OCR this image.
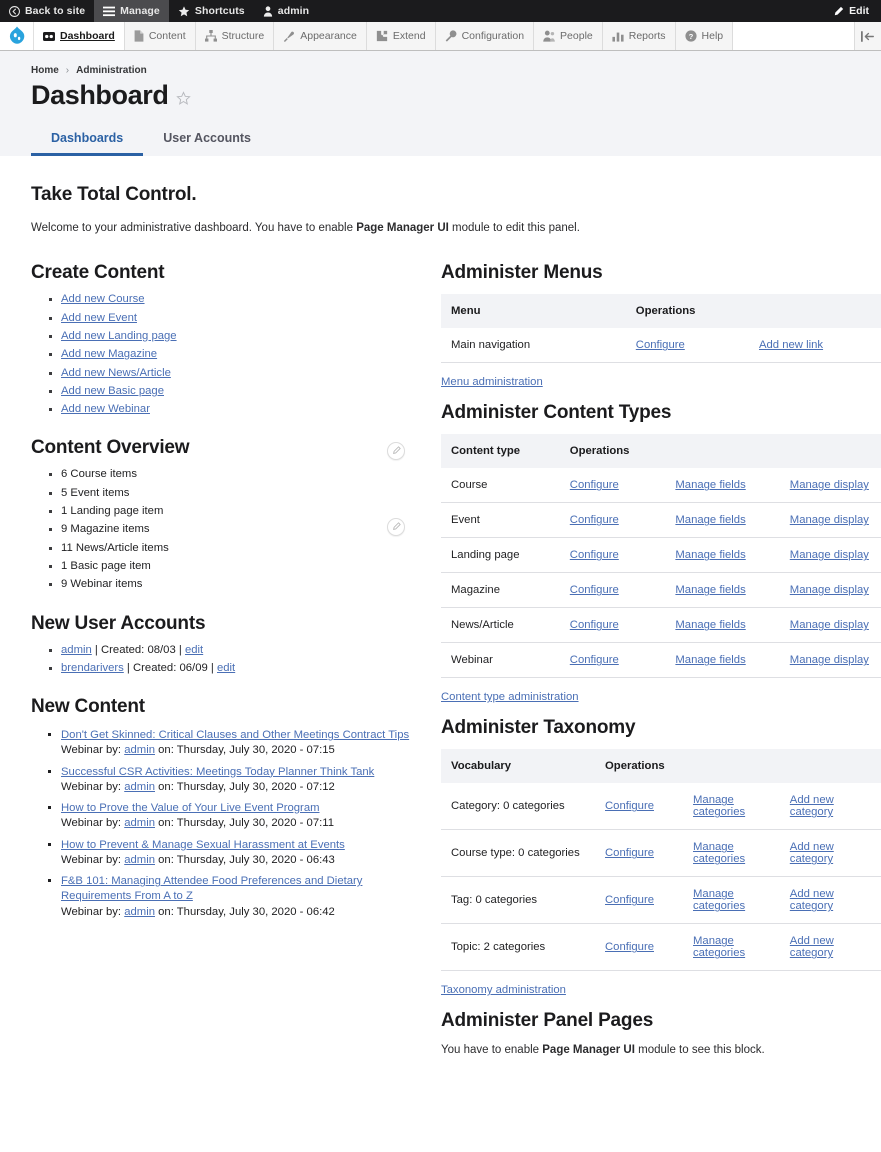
Back to site	Manage	Shortcuts	admin	Edit
Dashboard	Content	Structure	Appearance	Extend	Configuration	People	Reports	? Help
Home › Administration
Dashboard
Dashboards	User Accounts
Take Total Control.

Welcome to your administrative dashboard. You have to enable Page Manager UI module to edit this panel.

Create Content
▪ Add new Course
▪ Add new Event
▪ Add new Landing page
▪ Add new Magazine
▪ Add new News/Article
▪ Add new Basic page
▪ Add new Webinar
Content Overview
▪ 6 Course items
▪ 5 Event items
▪ 1 Landing page item
▪ 9 Magazine items
▪ 11 News/Article items
▪ 1 Basic page item
▪ 9 Webinar items
New User Accounts
▪ admin | Created: 08/03 | edit
▪ brendarivers | Created: 06/09 | edit
New Content
▪ Don't Get Skinned: Critical Clauses and Other Meetings Contract Tips
Webinar by: admin on: Thursday, July 30, 2020 - 07:15
▪ Successful CSR Activities: Meetings Today Planner Think Tank
Webinar by: admin on: Thursday, July 30, 2020 - 07:12
▪ How to Prove the Value of Your Live Event Program
Webinar by: admin on: Thursday, July 30, 2020 - 07:11
▪ How to Prevent & Manage Sexual Harassment at Events
Webinar by: admin on: Thursday, July 30, 2020 - 06:43
▪ F&B 101: Managing Attendee Food Preferences and Dietary Requirements From A to Z
Webinar by: admin on: Thursday, July 30, 2020 - 06:42
Administer Menus
Menu	Operations	
Main navigation	Configure	Add new link
Menu administration
Administer Content Types
Content type	Operations		
Course	Configure	Manage fields	Manage display
Event	Configure	Manage fields	Manage display
Landing page	Configure	Manage fields	Manage display
Magazine	Configure	Manage fields	Manage display
News/Article	Configure	Manage fields	Manage display
Webinar	Configure	Manage fields	Manage display
Content type administration
Administer Taxonomy
Vocabulary	Operations		
Category: 0 categories	Configure	Manage categories	Add new category
Course type: 0 categories	Configure	Manage categories	Add new category
Tag: 0 categories	Configure	Manage categories	Add new category
Topic: 2 categories	Configure	Manage categories	Add new category
Taxonomy administration
Administer Panel Pages

You have to enable Page Manager UI module to see this block.
